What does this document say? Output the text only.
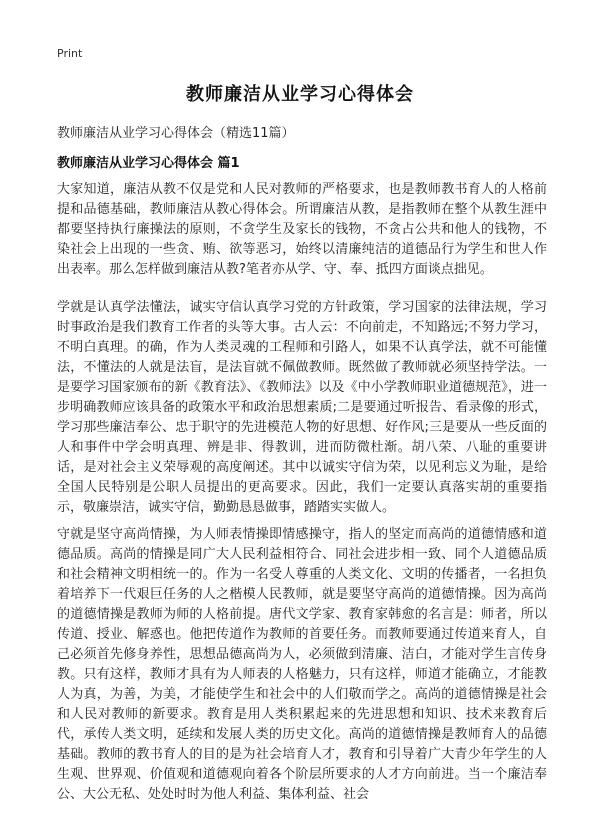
Print
教师廉洁从业学习心得体会
教师廉洁从业学习心得体会（精选11篇）
教师廉洁从业学习心得体会 篇1
大家知道，廉洁从教不仅是党和人民对教师的严格要求，也是教师教书育人的人格前提和品德基础，教师廉洁从教心得体会。所谓廉洁从教，是指教师在整个从教生涯中都要坚持执行廉操法的原则，不贪学生及家长的钱物，不贪占公共和他人的钱物，不染社会上出现的一些贪、贿、欲等恶习，始终以清廉纯洁的道德品行为学生和世人作出表率。那么怎样做到廉洁从教?笔者亦从学、守、奉、抵四方面谈点拙见。
学就是认真学法懂法，诚实守信认真学习党的方针政策，学习国家的法律法规，学习时事政治是我们教育工作者的头等大事。古人云：不向前走，不知路远;不努力学习，不明白真理。的确，作为人类灵魂的工程师和引路人，如果不认真学法，就不可能懂法，不懂法的人就是法盲，是法盲就不佩做教师。既然做了教师就必须坚持学法。一是要学习国家颁布的新《教育法》、《教师法》以及《中小学教师职业道德规范》，进一步明确教师应该具备的政策水平和政治思想素质;二是要通过听报告、看录像的形式，学习那些廉洁奉公、忠于职守的先进模范人物的好思想、好作风;三是要从一些反面的人和事件中学会明真理、辨是非、得教训，进而防微杜渐。胡八荣、八耻的重要讲话，是对社会主义荣辱观的高度阐述。其中以诚实守信为荣，以见利忘义为耻，是给全国人民特别是公职人员提出的更高要求。因此，我们一定要认真落实胡的重要指示，敬廉崇洁，诚实守信，勤勤恳恳做事，踏踏实实做人。
守就是坚守高尚情操，为人师表情操即情感操守，指人的坚定而高尚的道德情感和道德品质。高尚的情操是同广大人民利益相符合、同社会进步相一致、同个人道德品质和社会精神文明相统一的。作为一名受人尊重的人类文化、文明的传播者，一名担负着培养下一代艰巨任务的人之楷模人民教师，就是要坚守高尚的道德情操。因为高尚的道德情操是教师为师的人格前提。唐代文学家、教育家韩愈的名言是：师者，所以传道、授业、解惑也。他把传道作为教师的首要任务。而教师要通过传道来育人，自己必须首先修身养性，思想品德高尚为人，必须做到清廉、洁白，才能对学生言传身教。只有这样，教师才具有为人师表的人格魅力，只有这样，师道才能确立，才能教人为真，为善，为美，才能使学生和社会中的人们敬而学之。高尚的道德情操是社会和人民对教师的新要求。教育是用人类积累起来的先进思想和知识、技术来教育后代，承传人类文明，延续和发展人类的历史文化。高尚的道德情操是教师育人的品德基础。教师的教书育人的目的是为社会培育人才，教育和引导着广大青少年学生的人生观、世界观、价值观和道德观向着各个阶层所要求的人才方向前进。当一个廉洁奉公、大公无私、处处时时为他人利益、集体利益、社会
